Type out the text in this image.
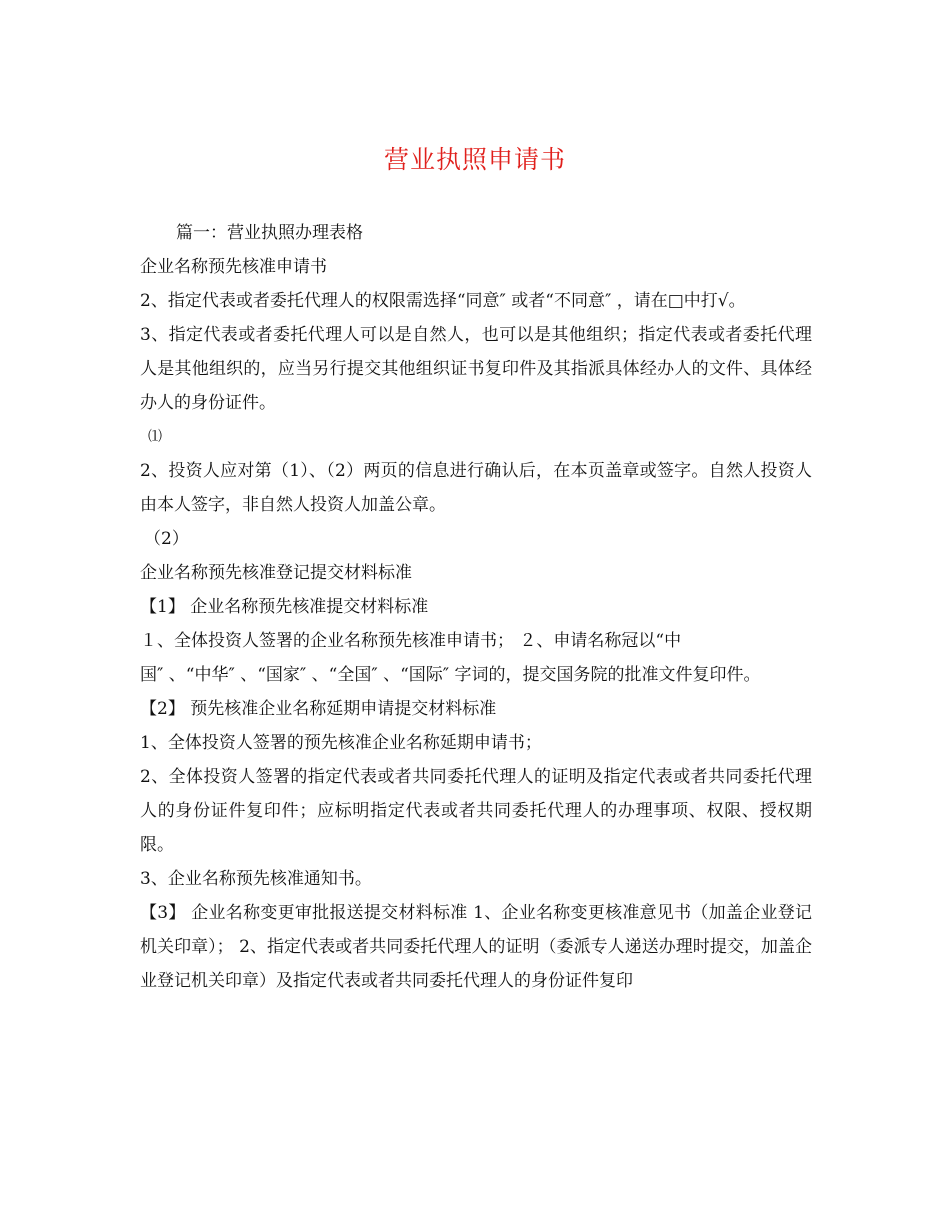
营业执照申请书
篇一：营业执照办理表格
企业名称预先核准申请书
2、指定代表或者委托代理人的权限需选择“同意″ 或者“不同意″ ，请在□中打√。
3、指定代表或者委托代理人可以是自然人，也可以是其他组织；指定代表或者委托代理人是其他组织的，应当另行提交其他组织证书复印件及其指派具体经办人的文件、具体经办人的身份证件。
⑴
2、投资人应对第（1）、（2）两页的信息进行确认后，在本页盖章或签字。自然人投资人由本人签字，非自然人投资人加盖公章。
（2）
企业名称预先核准登记提交材料标准
【1】 企业名称预先核准提交材料标准
１、全体投资人签署的企业名称预先核准申请书； ２、申请名称冠以“中
国″ 、“中华″ 、“国家″ 、“全国″ 、“国际″ 字词的，提交国务院的批准文件复印件。
【2】 预先核准企业名称延期申请提交材料标准
1、全体投资人签署的预先核准企业名称延期申请书；
2、全体投资人签署的指定代表或者共同委托代理人的证明及指定代表或者共同委托代理人的身份证件复印件；应标明指定代表或者共同委托代理人的办理事项、权限、授权期限。
3、企业名称预先核准通知书。
【3】 企业名称变更审批报送提交材料标准 1、企业名称变更核准意见书（加盖企业登记机关印章）； 2、指定代表或者共同委托代理人的证明（委派专人递送办理时提交，加盖企业登记机关印章）及指定代表或者共同委托代理人的身份证件复印
